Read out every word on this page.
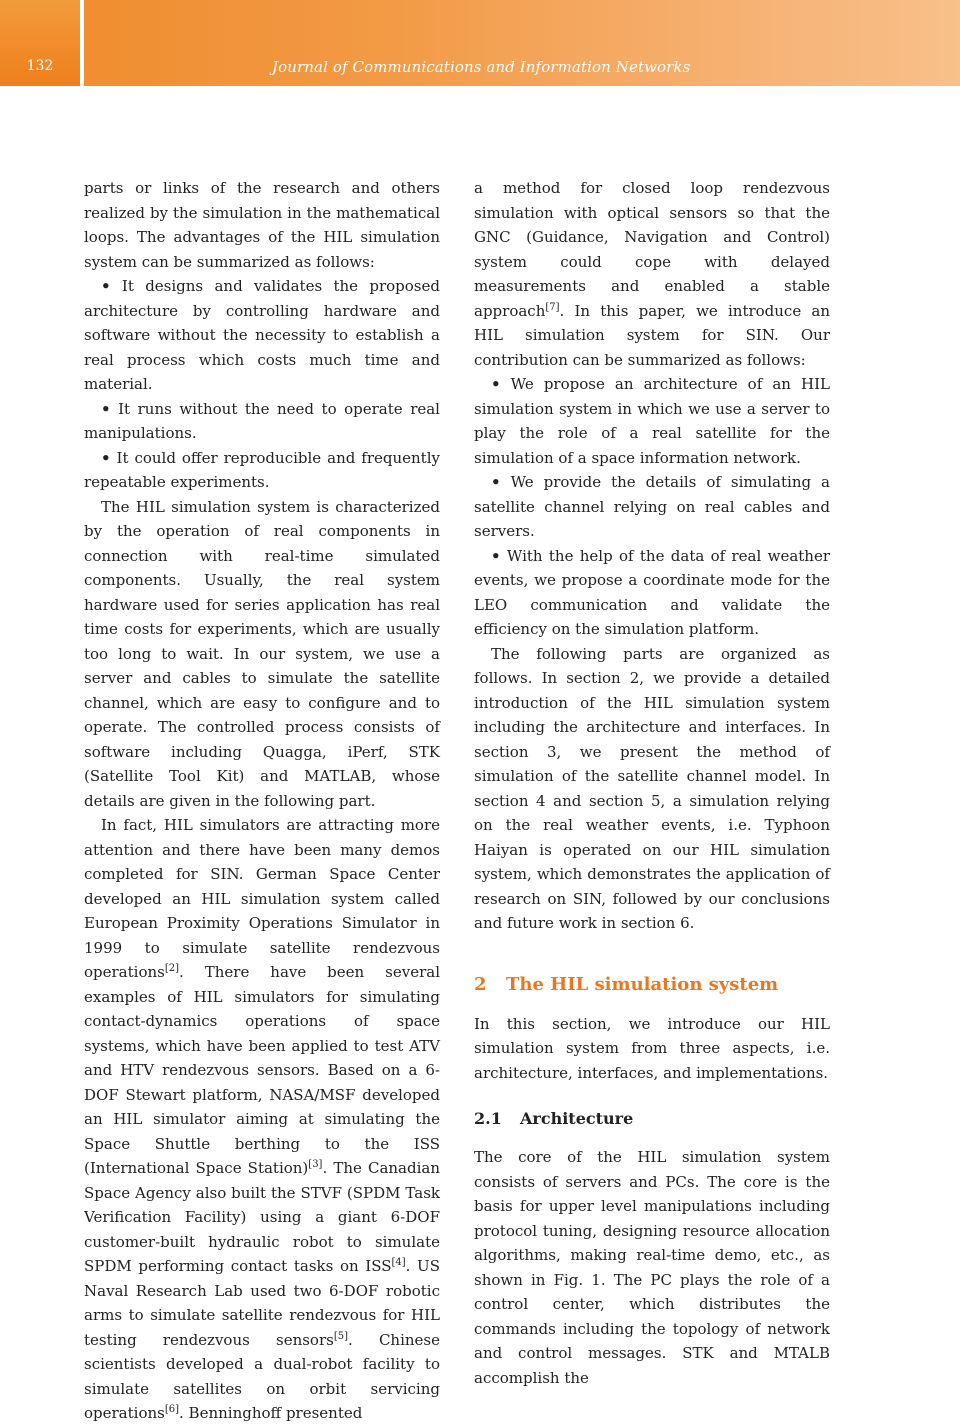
132	Journal of Communications and Information Networks

parts or links of the research and others realized by the simulation in the mathematical loops. The advantages of the HIL simulation system can be summarized as follows:

• It designs and validates the proposed architecture by controlling hardware and software without the necessity to establish a real process which costs much time and material.

• It runs without the need to operate real manipulations.

• It could offer reproducible and frequently repeatable experiments.

The HIL simulation system is characterized by the operation of real components in connection with real-time simulated components. Usually, the real system hardware used for series application has real time costs for experiments, which are usually too long to wait. In our system, we use a server and cables to simulate the satellite channel, which are easy to configure and to operate. The controlled process consists of software including Quagga, iPerf, STK (Satellite Tool Kit) and MATLAB, whose details are given in the following part.

In fact, HIL simulators are attracting more attention and there have been many demos completed for SIN. German Space Center developed an HIL simulation system called European Proximity Operations Simulator in 1999 to simulate satellite rendezvous operations[2]. There have been several examples of HIL simulators for simulating contact-dynamics operations of space systems, which have been applied to test ATV and HTV rendezvous sensors. Based on a 6-DOF Stewart platform, NASA/MSF developed an HIL simulator aiming at simulating the Space Shuttle berthing to the ISS (International Space Station)[3]. The Canadian Space Agency also built the STVF (SPDM Task Verification Facility) using a giant 6-DOF customer-built hydraulic robot to simulate SPDM performing contact tasks on ISS[4]. US Naval Research Lab used two 6-DOF robotic arms to simulate satellite rendezvous for HIL testing rendezvous sensors[5]. Chinese scientists developed a dual-robot facility to simulate satellites on orbit servicing operations[6]. Benninghoff presented

a method for closed loop rendezvous simulation with optical sensors so that the GNC (Guidance, Navigation and Control) system could cope with delayed measurements and enabled a stable approach[7]. In this paper, we introduce an HIL simulation system for SIN. Our contribution can be summarized as follows:

• We propose an architecture of an HIL simulation system in which we use a server to play the role of a real satellite for the simulation of a space information network.

• We provide the details of simulating a satellite channel relying on real cables and servers.

• With the help of the data of real weather events, we propose a coordinate mode for the LEO communication and validate the efficiency on the simulation platform.

The following parts are organized as follows. In section 2, we provide a detailed introduction of the HIL simulation system including the architecture and interfaces. In section 3, we present the method of simulation of the satellite channel model. In section 4 and section 5, a simulation relying on the real weather events, i.e. Typhoon Haiyan is operated on our HIL simulation system, which demonstrates the application of research on SIN, followed by our conclusions and future work in section 6.

2 The HIL simulation system

In this section, we introduce our HIL simulation system from three aspects, i.e. architecture, interfaces, and implementations.

2.1 Architecture

The core of the HIL simulation system consists of servers and PCs. The core is the basis for upper level manipulations including protocol tuning, designing resource allocation algorithms, making real-time demo, etc., as shown in Fig. 1. The PC plays the role of a control center, which distributes the commands including the topology of network and control messages. STK and MTALB accomplish the
